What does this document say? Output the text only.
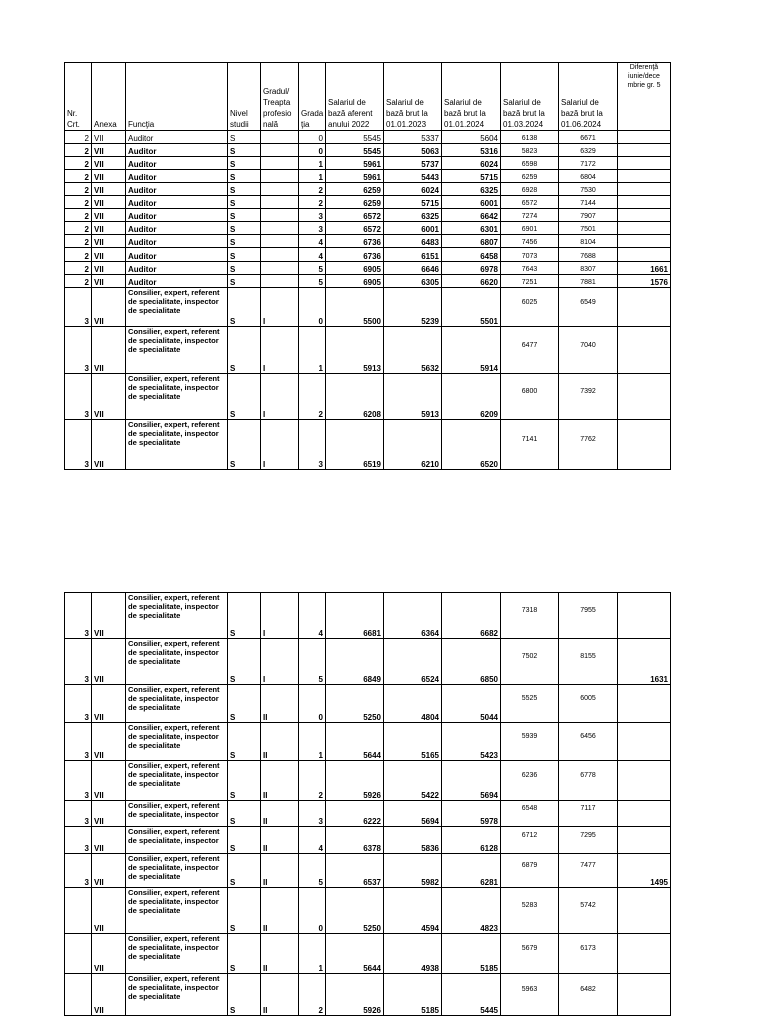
Nr. Crt.	Anexa	Funcţia	Nivel studii	Gradul/ Treapta profesio nală	Grada ţia	Salariul de bază aferent anului 2022	Salariul de bază brut la 01.01.2023	Salariul de bază brut la 01.01.2024	Salariul de bază brut la 01.03.2024	Salariul de bază brut la 01.06.2024	Diferenţă iunie/dece mbrie gr. 5
2	VII	Auditor	S		0	5545	5337	5604	6138	6671	
2	VII	Auditor	S		0	5545	5063	5316	5823	6329	
2	VII	Auditor	S		1	5961	5737	6024	6598	7172	
2	VII	Auditor	S		1	5961	5443	5715	6259	6804	
2	VII	Auditor	S		2	6259	6024	6325	6928	7530	
2	VII	Auditor	S		2	6259	5715	6001	6572	7144	
2	VII	Auditor	S		3	6572	6325	6642	7274	7907	
2	VII	Auditor	S		3	6572	6001	6301	6901	7501	
2	VII	Auditor	S		4	6736	6483	6807	7456	8104	
2	VII	Auditor	S		4	6736	6151	6458	7073	7688	
2	VII	Auditor	S		5	6905	6646	6978	7643	8307	1661
2	VII	Auditor	S		5	6905	6305	6620	7251	7881	1576
3	VII	Consilier, expert, referent de specialitate, inspector de specialitate	S	I	0	5500	5239	5501	6025	6549	
3	VII	Consilier, expert, referent de specialitate, inspector de specialitate	S	I	1	5913	5632	5914	6477	7040	
3	VII	Consilier, expert, referent de specialitate, inspector de specialitate	S	I	2	6208	5913	6209	6800	7392	
3	VII	Consilier, expert, referent de specialitate, inspector de specialitate	S	I	3	6519	6210	6520	7141	7762	
3	VII	Consilier, expert, referent de specialitate, inspector de specialitate	S	I	4	6681	6364	6682	7318	7955	
3	VII	Consilier, expert, referent de specialitate, inspector de specialitate	S	I	5	6849	6524	6850	7502	8155	1631
3	VII	Consilier, expert, referent de specialitate, inspector de specialitate	S	II	0	5250	4804	5044	5525	6005	
3	VII	Consilier, expert, referent de specialitate, inspector de specialitate	S	II	1	5644	5165	5423	5939	6456	
3	VII	Consilier, expert, referent de specialitate, inspector de specialitate	S	II	2	5926	5422	5694	6236	6778	
3	VII	Consilier, expert, referent de specialitate, inspector	S	II	3	6222	5694	5978	6548	7117	
3	VII	Consilier, expert, referent de specialitate, inspector	S	II	4	6378	5836	6128	6712	7295	
3	VII	Consilier, expert, referent de specialitate, inspector de specialitate	S	II	5	6537	5982	6281	6879	7477	1495
	VII	Consilier, expert, referent de specialitate, inspector de specialitate	S	II	0	5250	4594	4823	5283	5742	
	VII	Consilier, expert, referent de specialitate, inspector de specialitate	S	II	1	5644	4938	5185	5679	6173	
	VII	Consilier, expert, referent de specialitate, inspector de specialitate	S	II	2	5926	5185	5445	5963	6482	
